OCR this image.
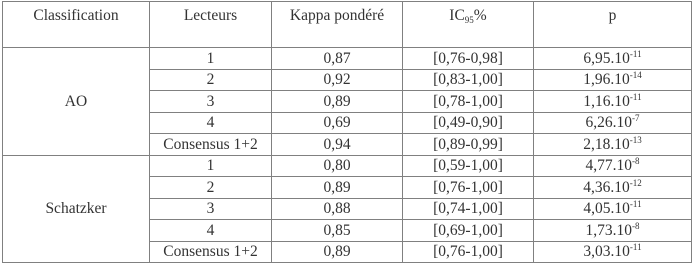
Classification	Lecteurs	Kappa pondéré	$IC_{95}\%$	p
AO	1	0,87	[0,76-0,98]	$6,95.10^{-11}$
	2	0,92	[0,83-1,00]	$1,96.10^{-14}$
	3	0,89	[0,78-1,00]	$1,16.10^{-11}$
	4	0,69	[0,49-0,90]	$6,26.10^{-7}$
	Consensus 1+2	0,94	[0,89-0,99]	$2,18.10^{-13}$
Schatzker	1	0,80	[0,59-1,00]	$4,77.10^{-8}$
	2	0,89	[0,76-1,00]	$4,36.10^{-12}$
	3	0,88	[0,74-1,00]	$4,05.10^{-11}$
	4	0,85	[0,69-1,00]	$1,73.10^{-8}$
	Consensus 1+2	0,89	[0,76-1,00]	$3,03.10^{-11}$
